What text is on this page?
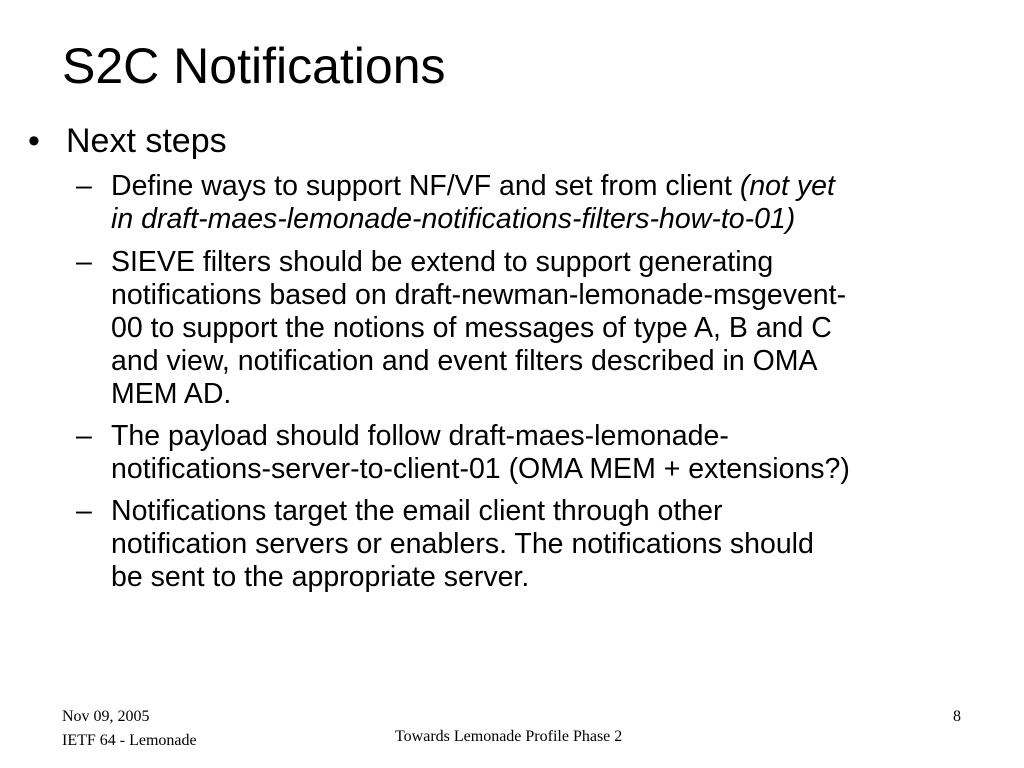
S2C Notifications
• Next steps
– Define ways to support NF/VF and set from client (not yet
in draft-maes-lemonade-notifications-filters-how-to-01)
– SIEVE filters should be extend to support generating
notifications based on draft-newman-lemonade-msgevent-
00 to support the notions of messages of type A, B and C
and view, notification and event filters described in OMA
MEM AD.
– The payload should follow draft-maes-lemonade-
notifications-server-to-client-01 (OMA MEM + extensions?)
– Notifications target the email client through other
notification servers or enablers. The notifications should
be sent to the appropriate server.
Nov 09, 2005
IETF 64 - Lemonade	Towards Lemonade Profile Phase 2
8
